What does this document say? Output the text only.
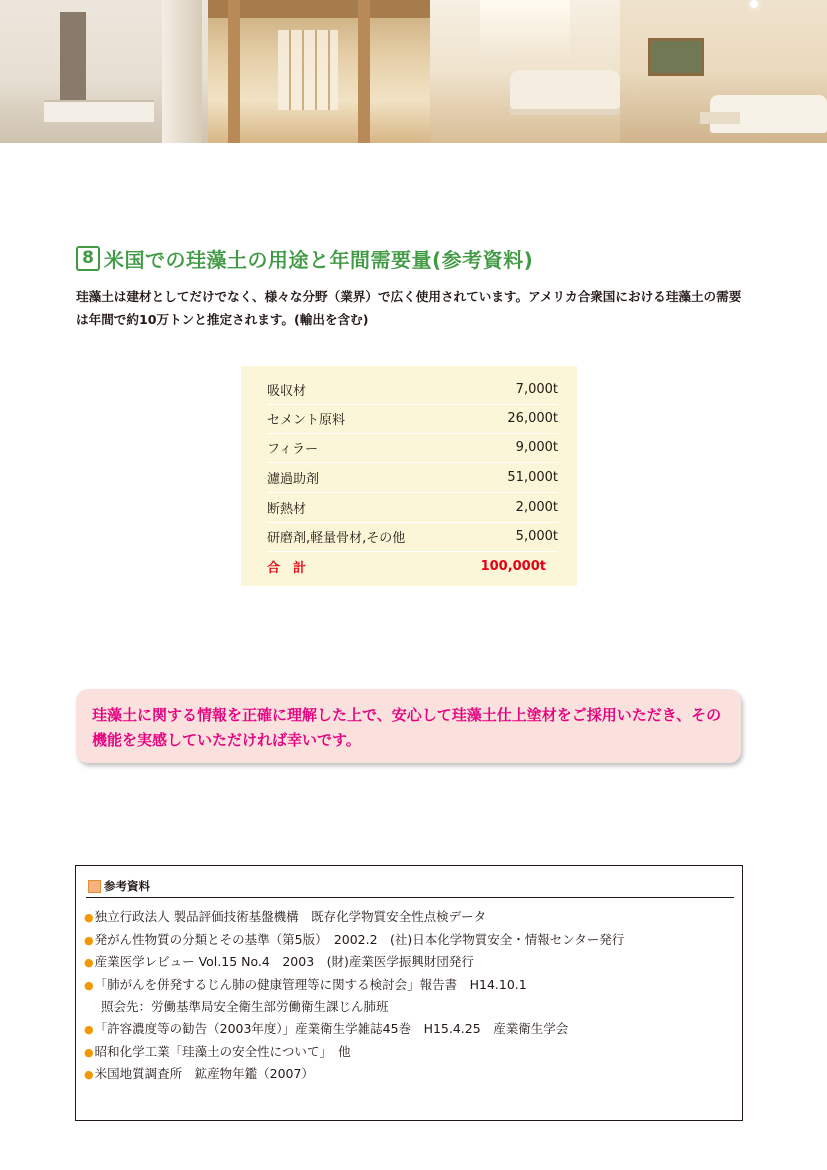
8 米国での珪藻土の用途と年間需要量(参考資料)
珪藻土は建材としてだけでなく、様々な分野（業界）で広く使用されています。アメリカ合衆国における珪藻土の需要は年間で約10万トンと推定されます。(輸出を含む)
吸収材	7,000t
セメント原料	26,000t
フィラー	9,000t
濾過助剤	51,000t
断熱材	2,000t
研磨剤,軽量骨材,その他	5,000t
合　計	100,000t
珪藻土に関する情報を正確に理解した上で、安心して珪藻土仕上塗材をご採用いただき、その機能を実感していただければ幸いです。
参考資料
●独立行政法人 製品評価技術基盤機構　既存化学物質安全性点検データ
●発がん性物質の分類とその基準（第5版）　2002.2　(社)日本化学物質安全・情報センター発行
●産業医学レビュー Vol.15 No.4　2003　(財)産業医学振興財団発行
●「肺がんを併発するじん肺の健康管理等に関する検討会」報告書　H14.10.1
照会先：労働基準局安全衛生部労働衛生課じん肺班
●「許容濃度等の勧告（2003年度）」産業衛生学雑誌45巻　H15.4.25　産業衛生学会
●昭和化学工業「珪藻土の安全性について」　他
●米国地質調査所　鉱産物年鑑（2007）
